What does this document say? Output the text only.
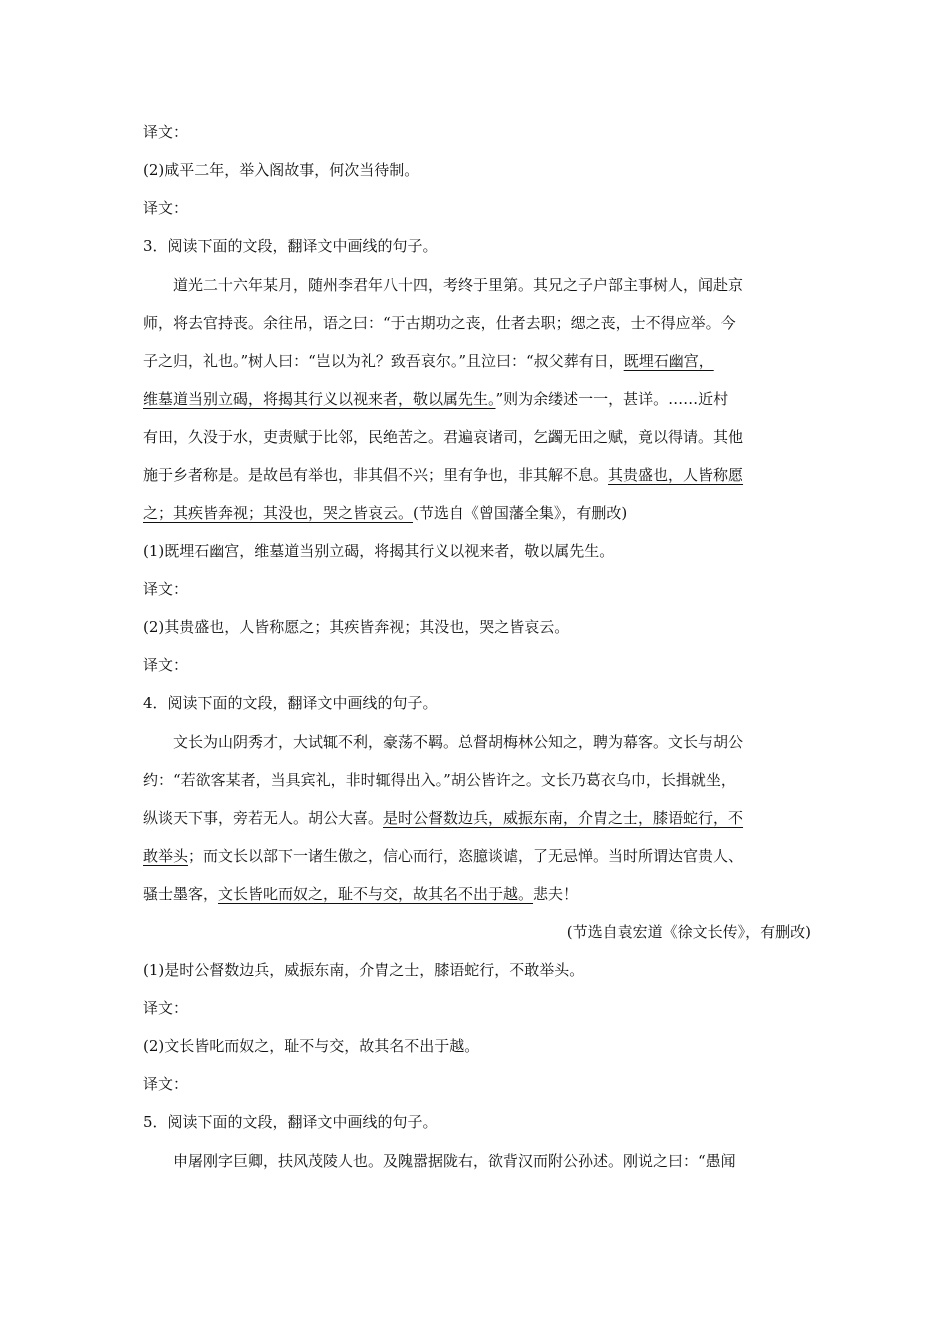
译文：
(2)咸平二年，举入阁故事，何次当待制。
译文：
3．阅读下面的文段，翻译文中画线的句子。
道光二十六年某月，随州李君年八十四，考终于里第。其兄之子户部主事树人，闻赴京
师，将去官持丧。余往吊，语之曰：“于古期功之丧，仕者去职；缌之丧，士不得应举。今
子之归，礼也。”树人曰：“岂以为礼？致吾哀尔。”且泣曰：“叔父葬有日，既埋石幽宫，
维墓道当别立碣，将揭其行义以视来者，敬以属先生。”则为余缕述一一，甚详。……近村
有田，久没于水，吏责赋于比邻，民绝苦之。君遍哀诸司，乞蠲无田之赋，竟以得请。其他
施于乡者称是。是故邑有举也，非其倡不兴；里有争也，非其解不息。其贵盛也，人皆称愿
之；其疾皆奔视；其没也，哭之皆哀云。(节选自《曾国藩全集》，有删改)
(1)既埋石幽宫，维墓道当别立碣，将揭其行义以视来者，敬以属先生。
译文：
(2)其贵盛也，人皆称愿之；其疾皆奔视；其没也，哭之皆哀云。
译文：
4．阅读下面的文段，翻译文中画线的句子。
文长为山阴秀才，大试辄不利，豪荡不羁。总督胡梅林公知之，聘为幕客。文长与胡公
约：“若欲客某者，当具宾礼，非时辄得出入。”胡公皆许之。文长乃葛衣乌巾，长揖就坐，
纵谈天下事，旁若无人。胡公大喜。是时公督数边兵，威振东南，介胄之士，膝语蛇行，不
敢举头；而文长以部下一诸生傲之，信心而行，恣臆谈谑，了无忌惮。当时所谓达官贵人、
骚士墨客，文长皆叱而奴之，耻不与交，故其名不出于越。悲夫！
(节选自袁宏道《徐文长传》，有删改)
(1)是时公督数边兵，威振东南，介胄之士，膝语蛇行，不敢举头。
译文：
(2)文长皆叱而奴之，耻不与交，故其名不出于越。
译文：
5．阅读下面的文段，翻译文中画线的句子。
申屠刚字巨卿，扶风茂陵人也。及隗嚣据陇右，欲背汉而附公孙述。刚说之曰：“愚闻
